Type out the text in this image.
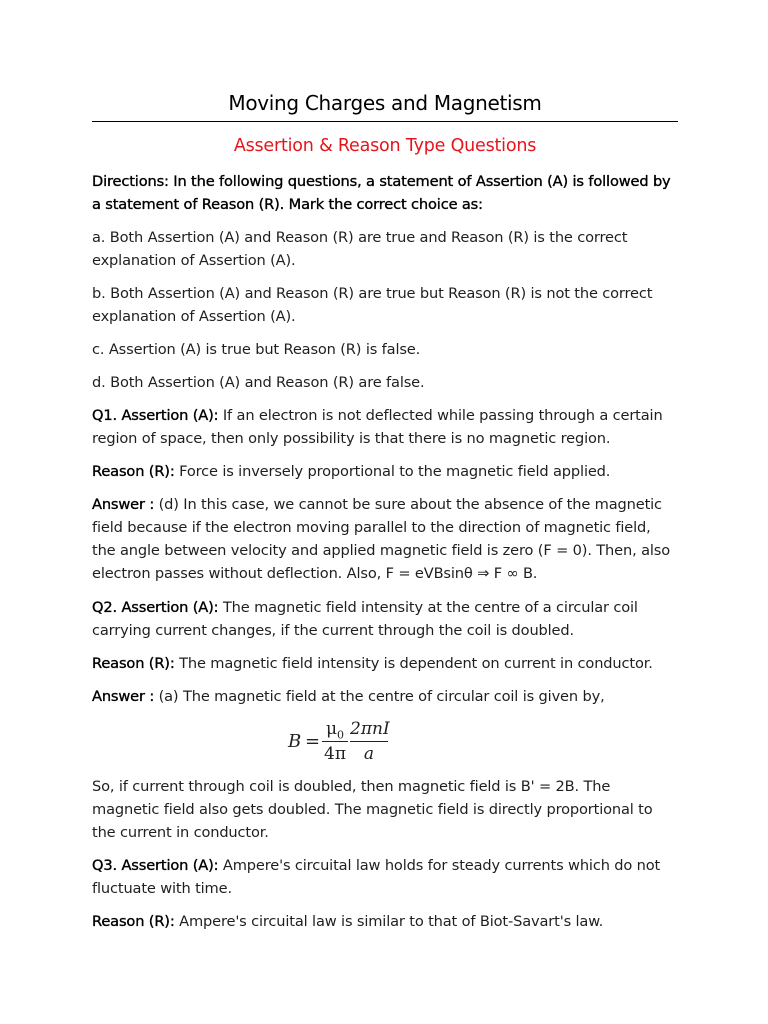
Moving Charges and Magnetism
Assertion & Reason Type Questions

Directions: In the following questions, a statement of Assertion (A) is followed by a statement of Reason (R). Mark the correct choice as:

a. Both Assertion (A) and Reason (R) are true and Reason (R) is the correct explanation of Assertion (A).

b. Both Assertion (A) and Reason (R) are true but Reason (R) is not the correct explanation of Assertion (A).

c. Assertion (A) is true but Reason (R) is false.

d. Both Assertion (A) and Reason (R) are false.

Q1. Assertion (A): If an electron is not deflected while passing through a certain region of space, then only possibility is that there is no magnetic region.

Reason (R): Force is inversely proportional to the magnetic field applied.

Answer : (d) In this case, we cannot be sure about the absence of the magnetic field because if the electron moving parallel to the direction of magnetic field, the angle between velocity and applied magnetic field is zero (F = 0). Then, also electron passes without deflection. Also, F = eVBsinθ ⇒ F ∞ B.

Q2. Assertion (A): The magnetic field intensity at the centre of a circular coil carrying current changes, if the current through the coil is doubled.

Reason (R): The magnetic field intensity is dependent on current in conductor.

Answer : (a) The magnetic field at the centre of circular coil is given by,

B =
$\mu_0$
4π
2πnI
a

So, if current through coil is doubled, then magnetic field is B' = 2B. The magnetic field also gets doubled. The magnetic field is directly proportional to the current in conductor.

Q3. Assertion (A): Ampere's circuital law holds for steady currents which do not fluctuate with time.

Reason (R): Ampere's circuital law is similar to that of Biot-Savart's law.
